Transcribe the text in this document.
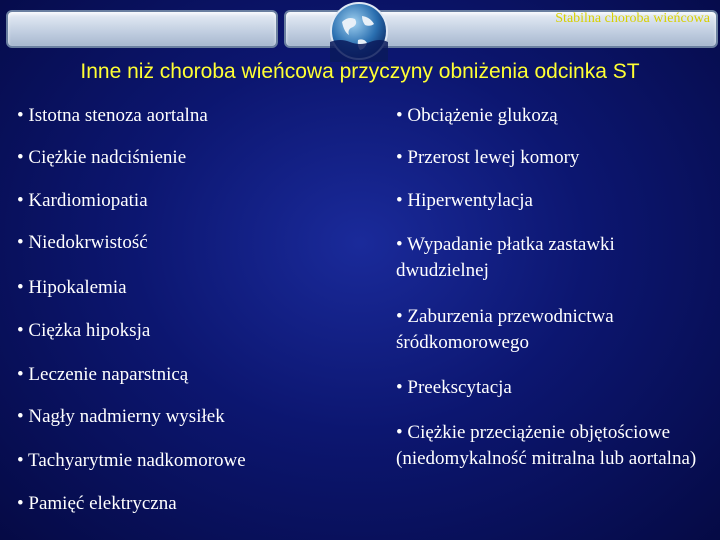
Stabilna choroba wieńcowa
Inne niż choroba wieńcowa przyczyny obniżenia odcinka ST
• Istotna stenoza aortalna
• Ciężkie nadciśnienie
• Kardiomiopatia
• Niedokrwistość
• Hipokalemia
• Ciężka hipoksja
• Leczenie naparstnicą
• Nagły nadmierny wysiłek
• Tachyarytmie nadkomorowe
• Pamięć elektryczna
• Obciążenie glukozą
• Przerost lewej komory
• Hiperwentylacja
• Wypadanie płatka zastawki dwudzielnej
• Zaburzenia przewodnictwa śródkomorowego
• Preekscytacja
• Ciężkie przeciążenie objętościowe (niedomykalność mitralna lub aortalna)
